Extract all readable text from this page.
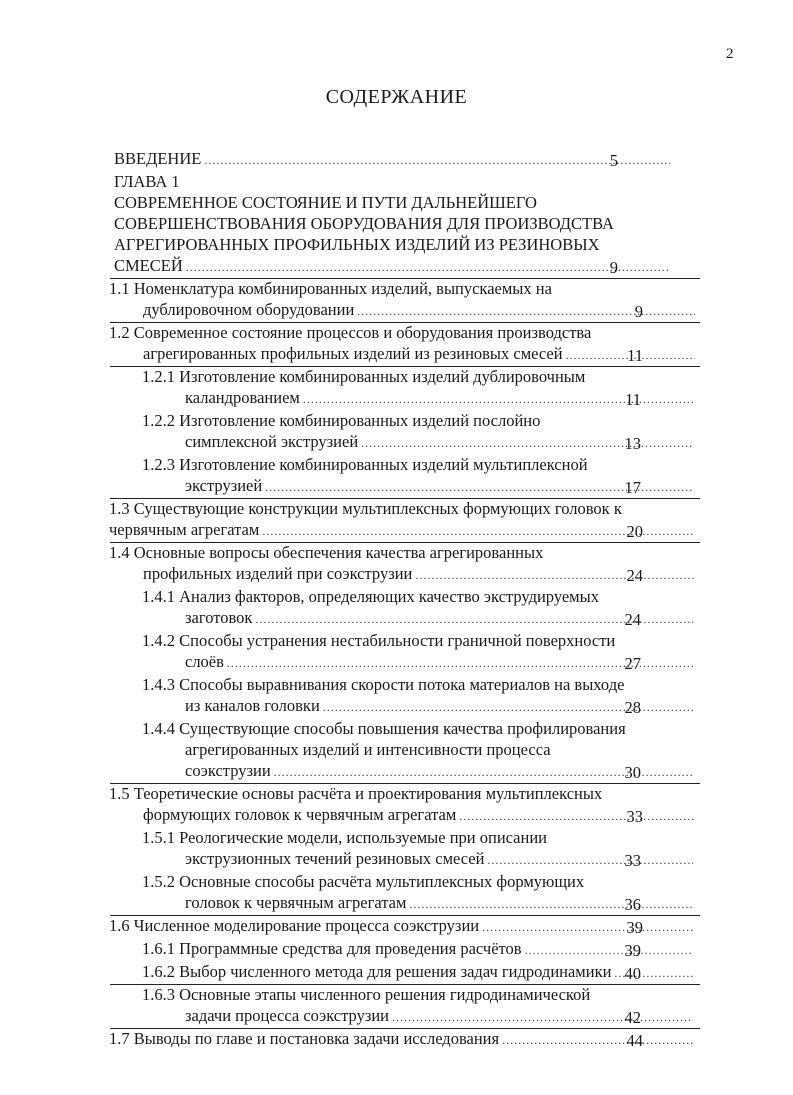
2
СОДЕРЖАНИЕ
ВВЕДЕНИЕ .....	5
ГЛАВА 1
СОВРЕМЕННОЕ СОСТОЯНИЕ И ПУТИ ДАЛЬНЕЙШЕГО
СОВЕРШЕНСТВОВАНИЯ ОБОРУДОВАНИЯ ДЛЯ ПРОИЗВОДСТВА
АГРЕГИРОВАННЫХ ПРОФИЛЬНЫХ ИЗДЕЛИЙ ИЗ РЕЗИНОВЫХ
СМЕСЕЙ .....	9
1.1 Номенклатура комбинированных изделий, выпускаемых на
дублировочном оборудовании .....	9
1.2 Современное состояние процессов и оборудования производства
агрегированных профильных изделий из резиновых смесей .....	11
1.2.1 Изготовление комбинированных изделий дублировочным
каландрованием .....	11
1.2.2 Изготовление комбинированных изделий послойно
симплексной экструзией .....	13
1.2.3 Изготовление комбинированных изделий мультиплексной
экструзией .....	17
1.3 Существующие конструкции мультиплексных формующих головок к
червячным агрегатам .....	20
1.4 Основные вопросы обеспечения качества агрегированных
профильных изделий при соэкструзии .....	24
1.4.1 Анализ факторов, определяющих качество экструдируемых
заготовок .....	24
1.4.2 Способы устранения нестабильности граничной поверхности
слоёв .....	27
1.4.3 Способы выравнивания скорости потока материалов на выходе
из каналов головки .....	28
1.4.4 Существующие способы повышения качества профилирования
агрегированных изделий и интенсивности процесса
соэкструзии .....	30
1.5 Теоретические основы расчёта и проектирования мультиплексных
формующих головок к червячным агрегатам .....	33
1.5.1 Реологические модели, используемые при описании
экструзионных течений резиновых смесей .....	33
1.5.2 Основные способы расчёта мультиплексных формующих
головок к червячным агрегатам .....	36
1.6 Численное моделирование процесса соэкструзии .....	39
1.6.1 Программные средства для проведения расчётов .....	39
1.6.2 Выбор численного метода для решения задач гидродинамики ..... 40
1.6.3 Основные этапы численного решения гидродинамической
задачи процесса соэкструзии .....	42
1.7 Выводы по главе и постановка задачи исследования .....	44
